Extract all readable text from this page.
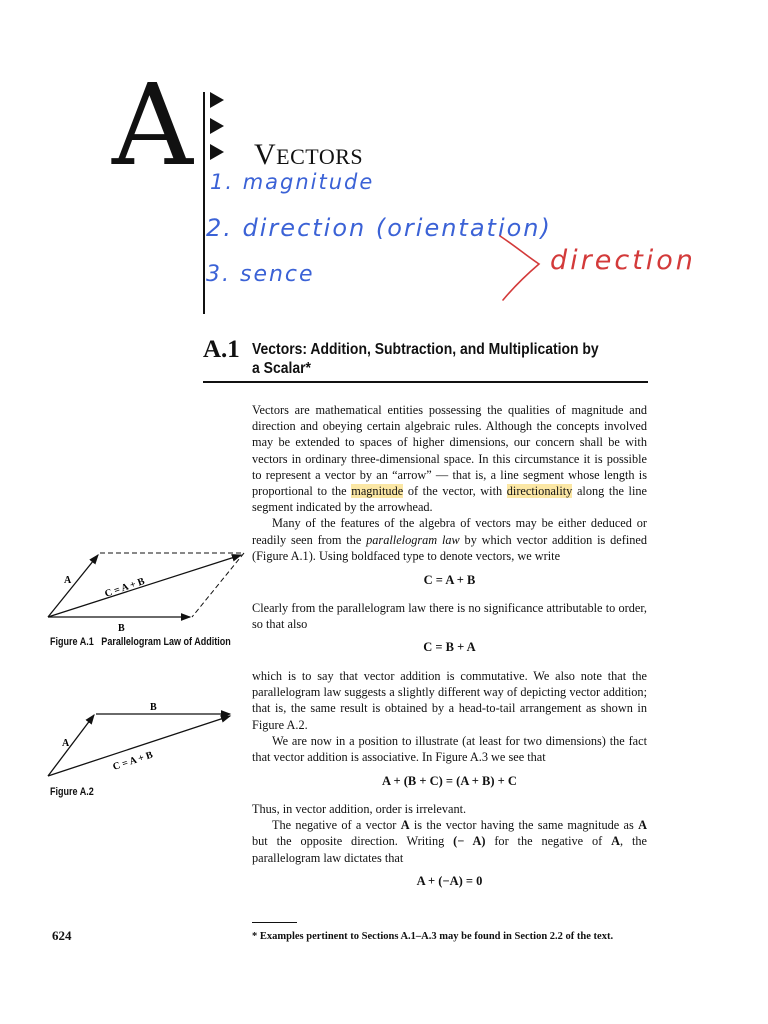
A VECTORS
1. magnitude
2. direction (orientation)
3. sence	direction
A.1 Vectors: Addition, Subtraction, and Multiplication by a Scalar*

Vectors are mathematical entities possessing the qualities of magnitude and direction and obeying certain algebraic rules. Although the concepts involved may be extended to spaces of higher dimensions, our concern shall be with vectors in ordinary three-dimensional space. In this circumstance it is possible to represent a vector by an “arrow” — that is, a line segment whose length is proportional to the magnitude of the vector, with directionality along the line segment indicated by the arrowhead.

Many of the features of the algebra of vectors may be either deduced or readily seen from the parallelogram law by which vector addition is defined (Figure A.1). Using boldfaced type to denote vectors, we write

C = A + B

Clearly from the parallelogram law there is no significance attributable to order, so that also

C = B + A

which is to say that vector addition is commutative. We also note that the parallelogram law suggests a slightly different way of depicting vector addition; that is, the same result is obtained by a head-to-tail arrangement as shown in Figure A.2.

We are now in a position to illustrate (at least for two dimensions) the fact that vector addition is associative. In Figure A.3 we see that

A + (B + C) = (A + B) + C

Thus, in vector addition, order is irrelevant.

The negative of a vector A is the vector having the same magnitude as A but the opposite direction. Writing (− A) for the negative of A, the parallelogram law dictates that

A + (−A) = 0
A
B
C = A + B
Figure A.1 Parallelogram Law of Addition
A
B
C = A + B
Figure A.2
624	* Examples pertinent to Sections A.1–A.3 may be found in Section 2.2 of the text.
